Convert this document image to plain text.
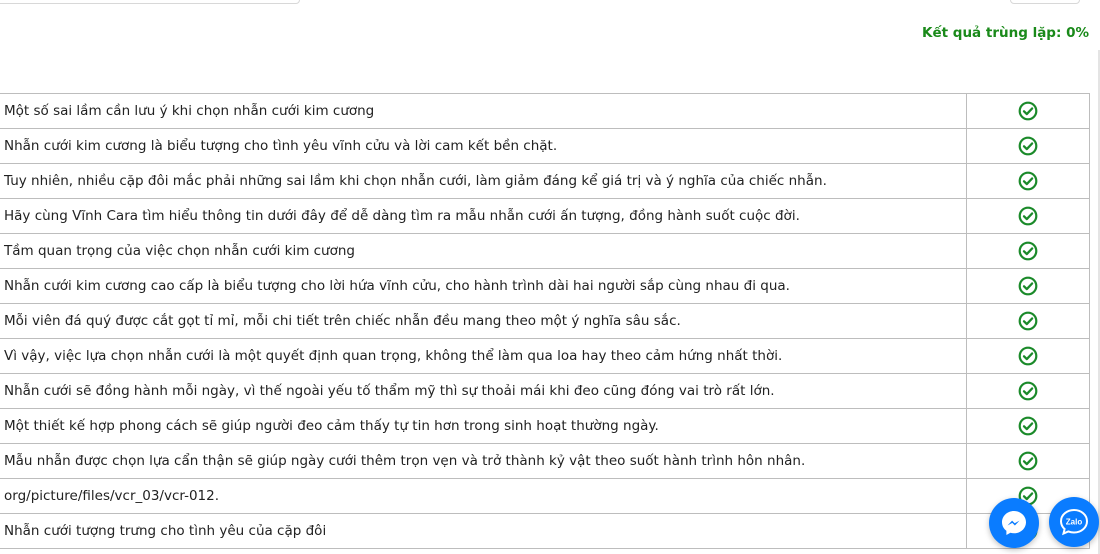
Kết quả trùng lặp: 0%
Một số sai lầm cần lưu ý khi chọn nhẫn cưới kim cương	
Nhẫn cưới kim cương là biểu tượng cho tình yêu vĩnh cửu và lời cam kết bền chặt.	
Tuy nhiên, nhiều cặp đôi mắc phải những sai lầm khi chọn nhẫn cưới, làm giảm đáng kể giá trị và ý nghĩa của chiếc nhẫn.	
Hãy cùng Vĩnh Cara tìm hiểu thông tin dưới đây để dễ dàng tìm ra mẫu nhẫn cưới ấn tượng, đồng hành suốt cuộc đời.	
Tầm quan trọng của việc chọn nhẫn cưới kim cương	
Nhẫn cưới kim cương cao cấp là biểu tượng cho lời hứa vĩnh cửu, cho hành trình dài hai người sắp cùng nhau đi qua.	
Mỗi viên đá quý được cắt gọt tỉ mỉ, mỗi chi tiết trên chiếc nhẫn đều mang theo một ý nghĩa sâu sắc.	
Vì vậy, việc lựa chọn nhẫn cưới là một quyết định quan trọng, không thể làm qua loa hay theo cảm hứng nhất thời.	
Nhẫn cưới sẽ đồng hành mỗi ngày, vì thế ngoài yếu tố thẩm mỹ thì sự thoải mái khi đeo cũng đóng vai trò rất lớn.	
Một thiết kế hợp phong cách sẽ giúp người đeo cảm thấy tự tin hơn trong sinh hoạt thường ngày.	
Mẫu nhẫn được chọn lựa cẩn thận sẽ giúp ngày cưới thêm trọn vẹn và trở thành kỷ vật theo suốt hành trình hôn nhân.	
org/picture/files/vcr_03/vcr-012.	
Nhẫn cưới tượng trưng cho tình yêu của cặp đôi	
Zalo
